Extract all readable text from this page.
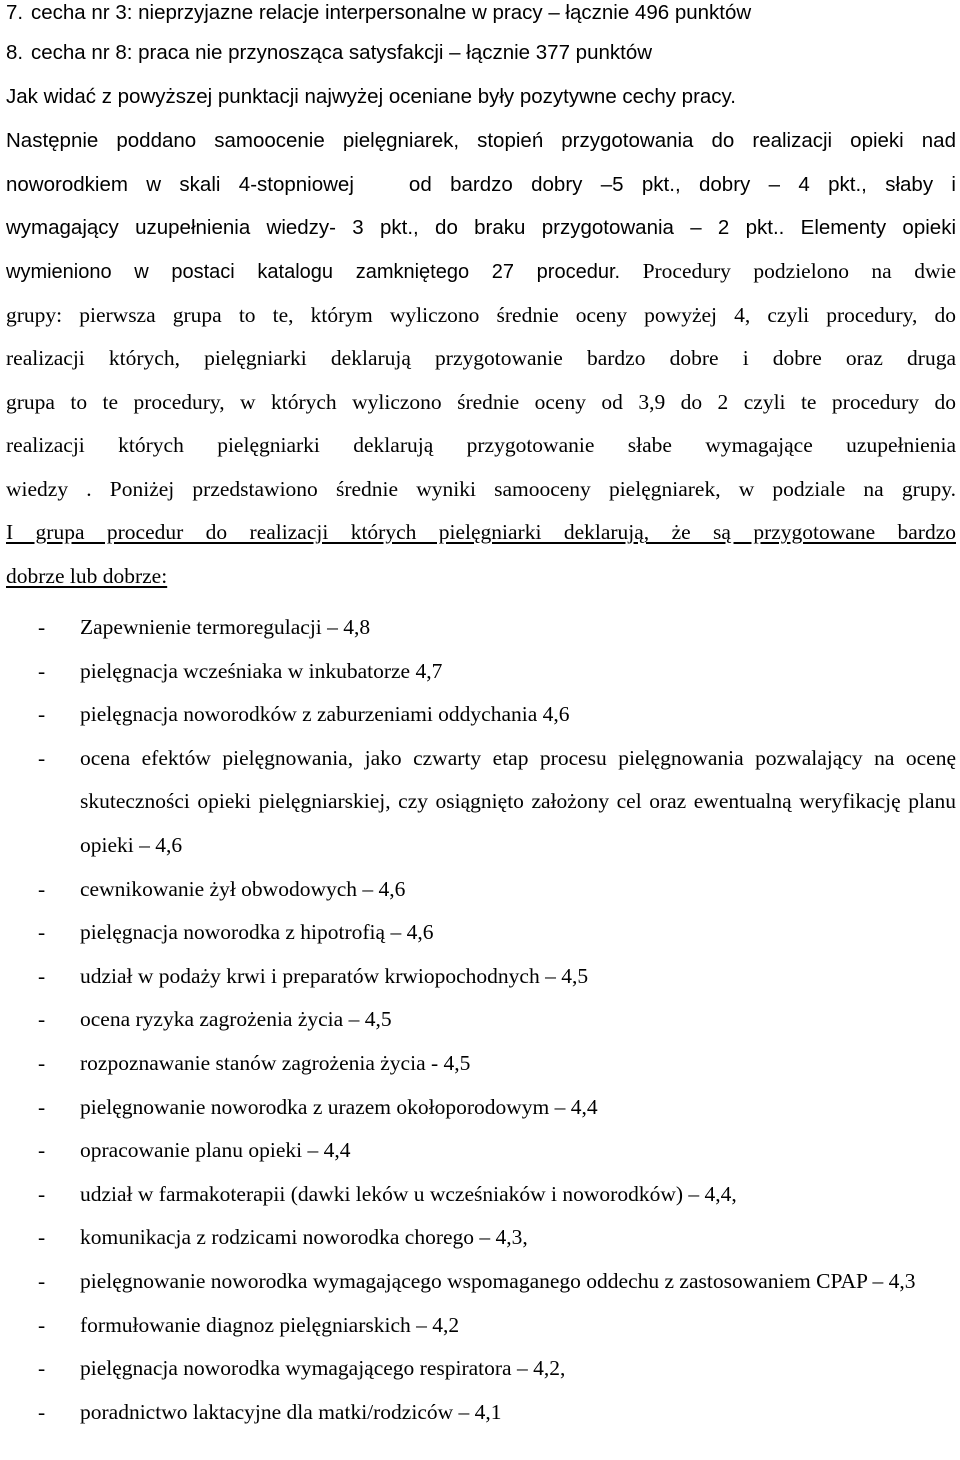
7. cecha nr 3: nieprzyjazne relacje interpersonalne w pracy – łącznie 496 punktów
8. cecha nr 8: praca nie przynosząca satysfakcji – łącznie 377 punktów
Jak widać z powyższej punktacji najwyżej oceniane były pozytywne cechy pracy.
Następnie poddano samoocenie pielęgniarek, stopień przygotowania do realizacji opieki nad
noworodkiem w skali 4-stopniowej   od bardzo dobry –5 pkt., dobry – 4 pkt., słaby i
wymagający uzupełnienia wiedzy- 3 pkt., do braku przygotowania – 2 pkt.. Elementy opieki
wymieniono w postaci katalogu zamkniętego 27 procedur. Procedury podzielono na dwie
grupy: pierwsza grupa to te, którym wyliczono średnie oceny powyżej 4, czyli procedury, do
realizacji których, pielęgniarki deklarują przygotowanie bardzo dobre i dobre oraz druga
grupa to te procedury, w których wyliczono średnie oceny od 3,9 do 2 czyli te procedury do
realizacji których pielęgniarki deklarują przygotowanie słabe wymagające uzupełnienia
wiedzy . Poniżej przedstawiono średnie wyniki samooceny pielęgniarek, w podziale na grupy.
I grupa procedur do realizacji których pielęgniarki deklarują, że są przygotowane bardzo
dobrze lub dobrze:
- Zapewnienie termoregulacji – 4,8
- pielęgnacja wcześniaka w inkubatorze 4,7
- pielęgnacja noworodków z zaburzeniami oddychania 4,6
- ocena efektów pielęgnowania, jako czwarty etap procesu pielęgnowania pozwalający na ocenę skuteczności opieki pielęgniarskiej, czy osiągnięto założony cel oraz ewentualną weryfikację planu opieki – 4,6
- cewnikowanie żył obwodowych – 4,6
- pielęgnacja noworodka z hipotrofią – 4,6
- udział w podaży krwi i preparatów krwiopochodnych – 4,5
- ocena ryzyka zagrożenia życia – 4,5
- rozpoznawanie stanów zagrożenia życia - 4,5
- pielęgnowanie noworodka z urazem okołoporodowym – 4,4
- opracowanie planu opieki – 4,4
- udział w farmakoterapii (dawki leków u wcześniaków i noworodków) – 4,4,
- komunikacja z rodzicami noworodka chorego – 4,3,
- pielęgnowanie noworodka wymagającego wspomaganego oddechu z zastosowaniem CPAP – 4,3
- formułowanie diagnoz pielęgniarskich – 4,2
- pielęgnacja noworodka wymagającego respiratora – 4,2,
- poradnictwo laktacyjne dla matki/rodziców – 4,1
